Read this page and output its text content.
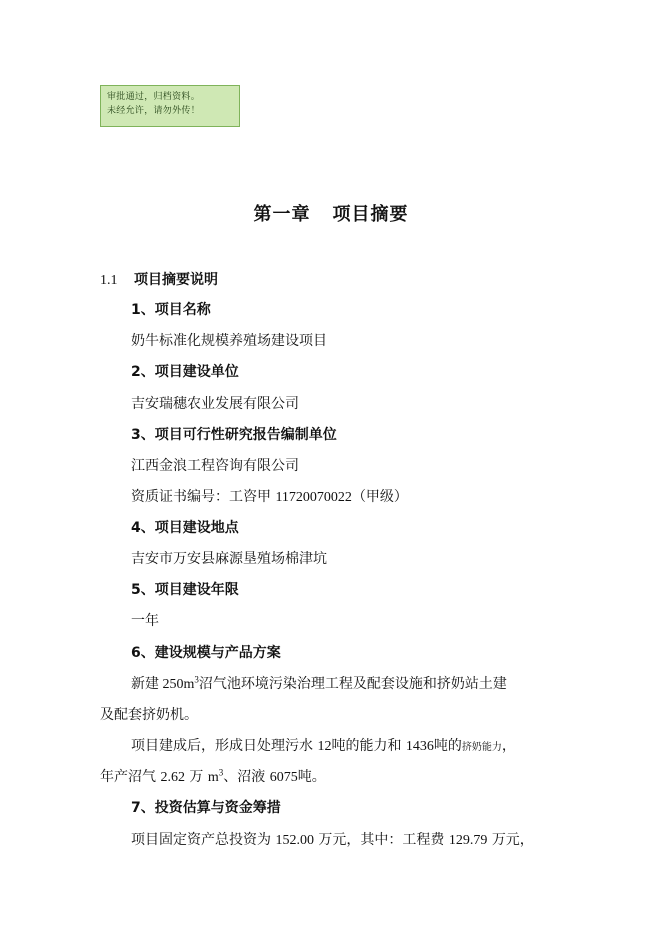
审批通过，归档资料。
未经允许，请勿外传！
第一章 项目摘要
1.1 项目摘要说明
1、项目名称
奶牛标准化规模养殖场建设项目
2、项目建设单位
吉安瑞穗农业发展有限公司
3、项目可行性研究报告编制单位
江西金浪工程咨询有限公司
资质证书编号：工咨甲 11720070022（甲级）
4、项目建设地点
吉安市万安县麻源垦殖场棉津坑
5、项目建设年限
一年
6、建设规模与产品方案
新建 $250m^3$沼气池环境污染治理工程及配套设施和挤奶站土建
及配套挤奶机。
项目建成后，形成日处理污水 12吨的能力和 1436吨的挤奶能力，
年产沼气 2.62 万 $m^3$、沼液 6075吨。
7、投资估算与资金筹措
项目固定资产总投资为 152.00 万元，其中：工程费 129.79 万元，
